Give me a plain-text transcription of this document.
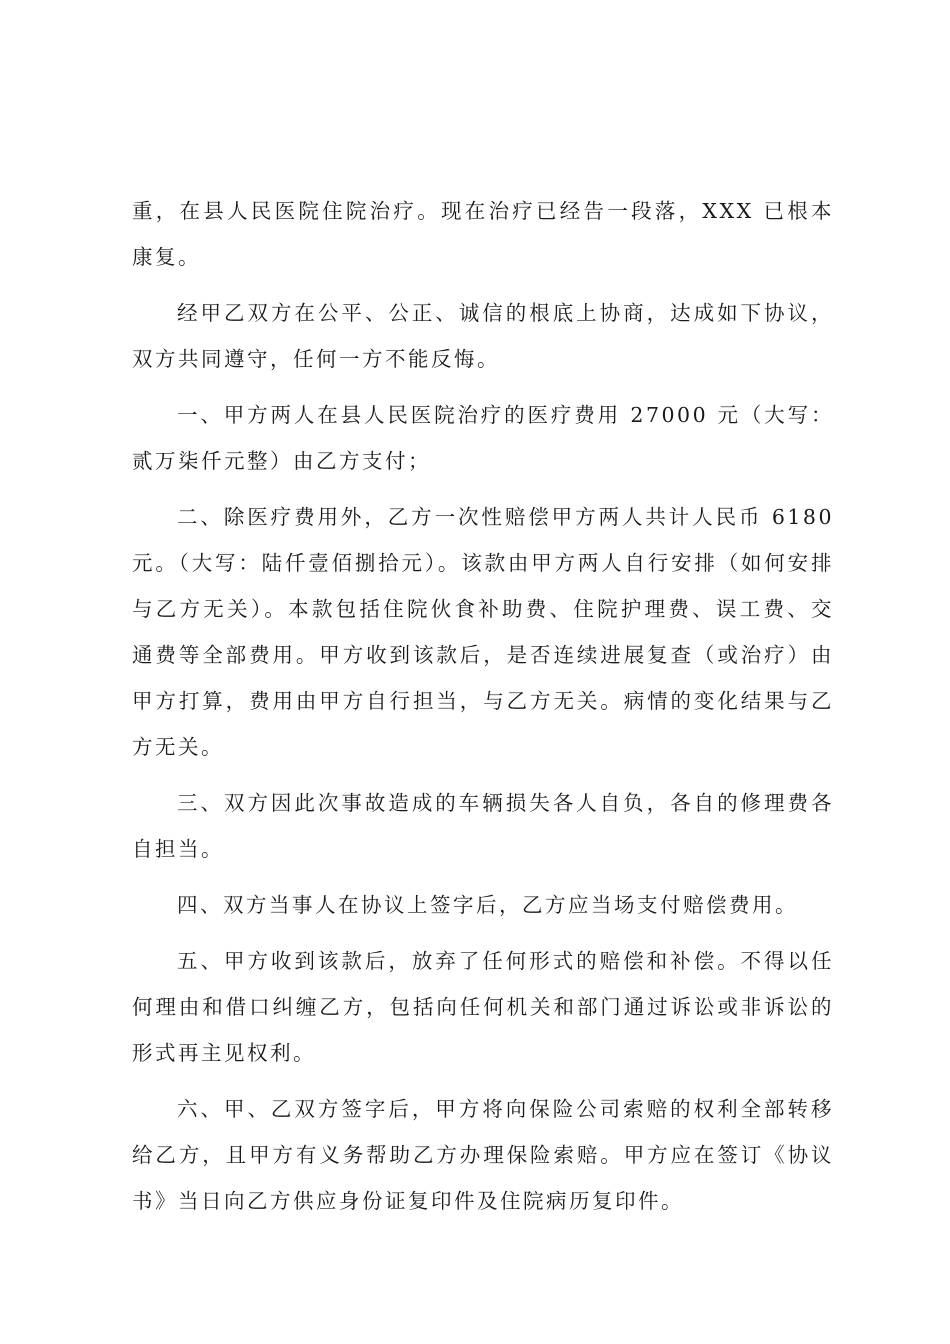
重，在县人民医院住院治疗。现在治疗已经告一段落，XXX 已根本康复。

经甲乙双方在公平、公正、诚信的根底上协商，达成如下协议，双方共同遵守，任何一方不能反悔。

一、甲方两人在县人民医院治疗的医疗费用 27000 元（大写：贰万柒仟元整）由乙方支付；

二、除医疗费用外，乙方一次性赔偿甲方两人共计人民币 6180 元。（大写：陆仟壹佰捌拾元）。该款由甲方两人自行安排（如何安排与乙方无关）。本款包括住院伙食补助费、住院护理费、误工费、交通费等全部费用。甲方收到该款后，是否连续进展复查（或治疗）由甲方打算，费用由甲方自行担当，与乙方无关。病情的变化结果与乙方无关。

三、双方因此次事故造成的车辆损失各人自负，各自的修理费各自担当。

四、双方当事人在协议上签字后，乙方应当场支付赔偿费用。

五、甲方收到该款后，放弃了任何形式的赔偿和补偿。不得以任何理由和借口纠缠乙方，包括向任何机关和部门通过诉讼或非诉讼的形式再主见权利。

六、甲、乙双方签字后，甲方将向保险公司索赔的权利全部转移给乙方，且甲方有义务帮助乙方办理保险索赔。甲方应在签订《协议书》当日向乙方供应身份证复印件及住院病历复印件。
